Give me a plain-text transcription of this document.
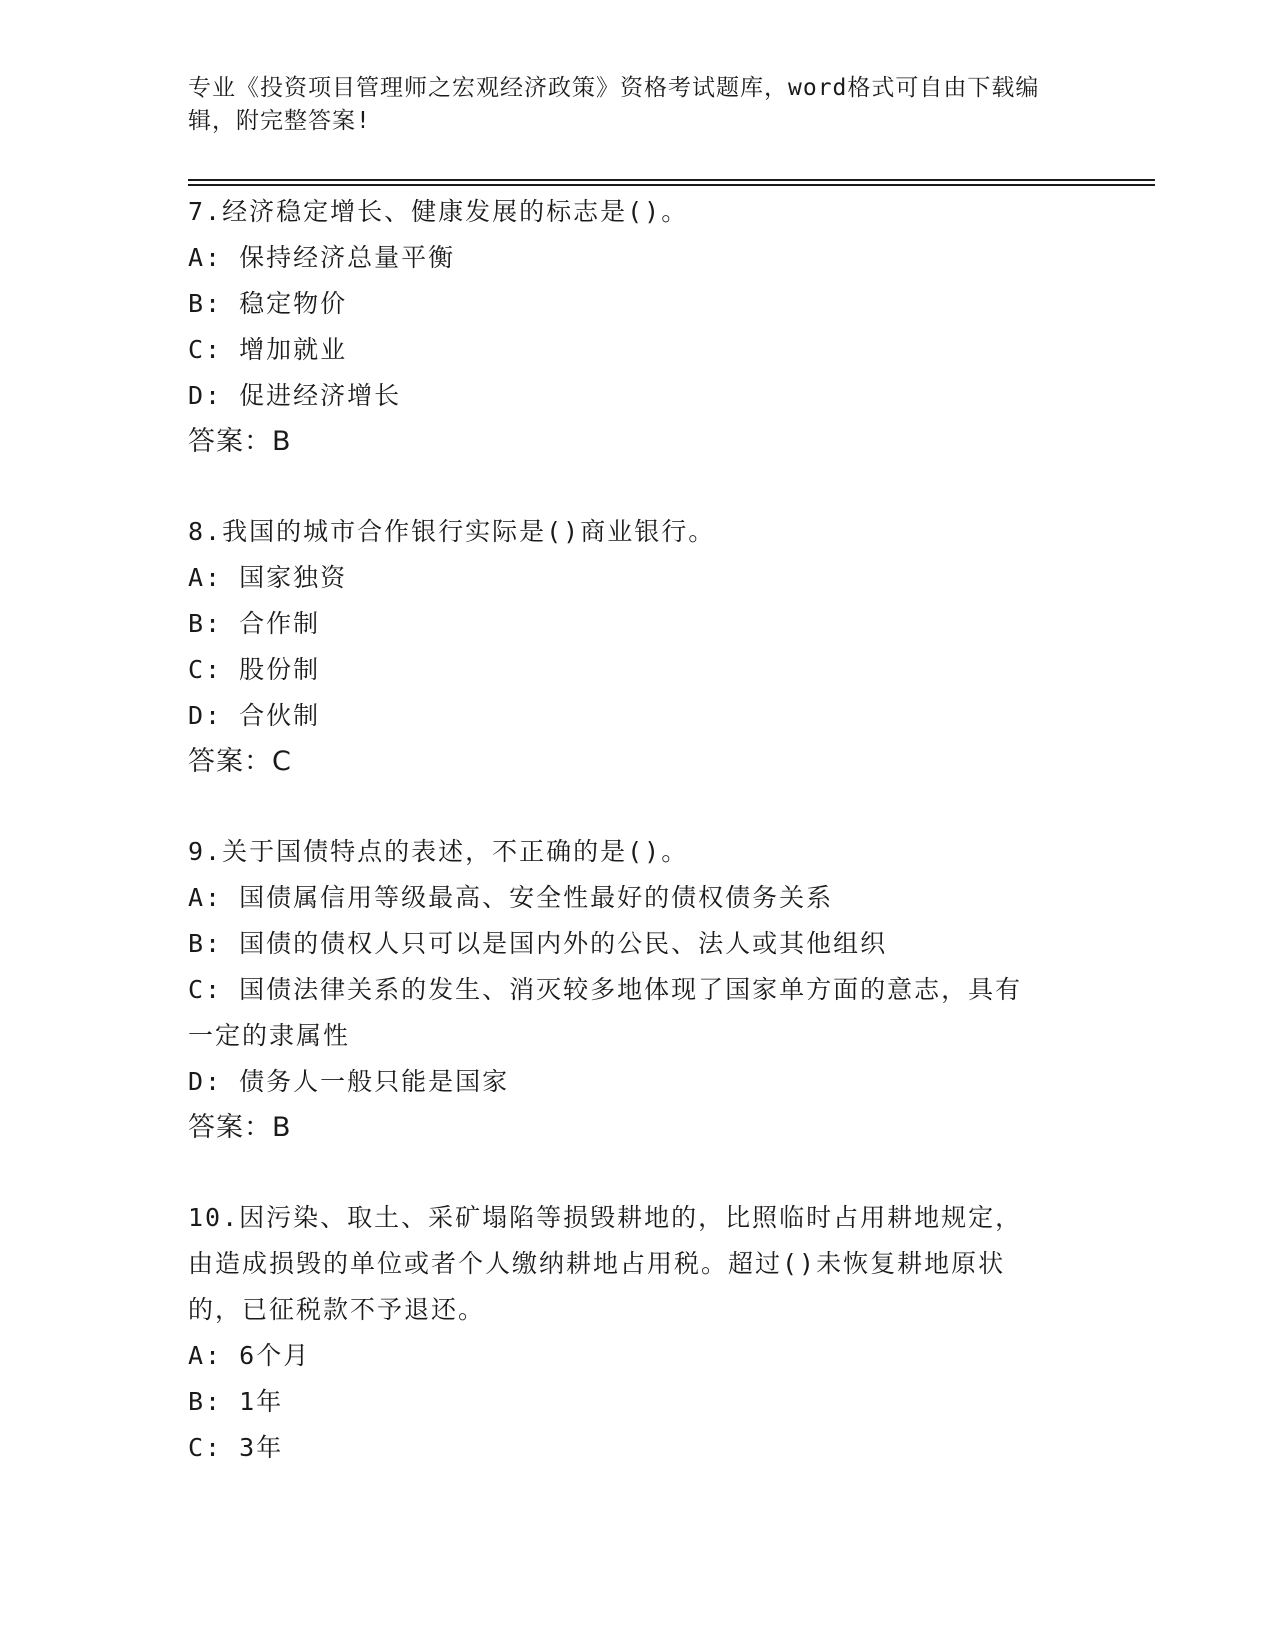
专业《投资项目管理师之宏观经济政策》资格考试题库，word格式可自由下载编
辑，附完整答案!
7.经济稳定增长、健康发展的标志是()。
A: 保持经济总量平衡
B: 稳定物价
C: 增加就业
D: 促进经济增长
答案：B
8.我国的城市合作银行实际是()商业银行。
A: 国家独资
B: 合作制
C: 股份制
D: 合伙制
答案：C
9.关于国债特点的表述，不正确的是()。
A: 国债属信用等级最高、安全性最好的债权债务关系
B: 国债的债权人只可以是国内外的公民、法人或其他组织
C: 国债法律关系的发生、消灭较多地体现了国家单方面的意志，具有
一定的隶属性
D: 债务人一般只能是国家
答案：B
10.因污染、取土、采矿塌陷等损毁耕地的，比照临时占用耕地规定，
由造成损毁的单位或者个人缴纳耕地占用税。超过()未恢复耕地原状
的，已征税款不予退还。
A: 6个月
B: 1年
C: 3年
